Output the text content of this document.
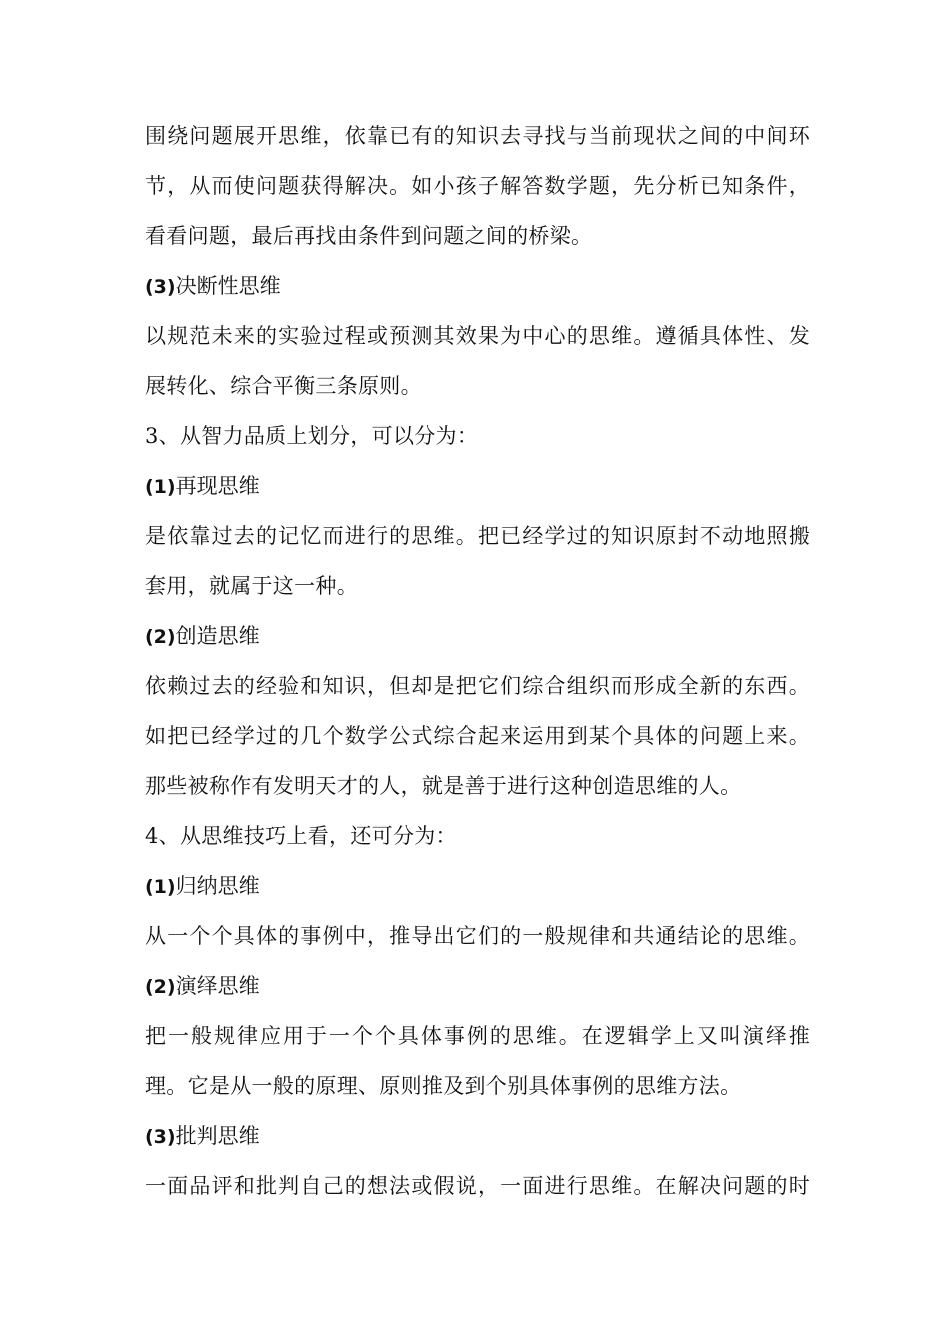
围绕问题展开思维，依靠已有的知识去寻找与当前现状之间的中间环
节，从而使问题获得解决。如小孩子解答数学题，先分析已知条件，
看看问题，最后再找由条件到问题之间的桥梁。
(3)决断性思维
以规范未来的实验过程或预测其效果为中心的思维。遵循具体性、发
展转化、综合平衡三条原则。
3、从智力品质上划分，可以分为：
(1)再现思维
是依靠过去的记忆而进行的思维。把已经学过的知识原封不动地照搬
套用，就属于这一种。
(2)创造思维
依赖过去的经验和知识，但却是把它们综合组织而形成全新的东西。
如把已经学过的几个数学公式综合起来运用到某个具体的问题上来。
那些被称作有发明天才的人，就是善于进行这种创造思维的人。
4、从思维技巧上看，还可分为：
(1)归纳思维
从一个个具体的事例中，推导出它们的一般规律和共通结论的思维。
(2)演绎思维
把一般规律应用于一个个具体事例的思维。在逻辑学上又叫演绎推
理。它是从一般的原理、原则推及到个别具体事例的思维方法。
(3)批判思维
一面品评和批判自己的想法或假说，一面进行思维。在解决问题的时
